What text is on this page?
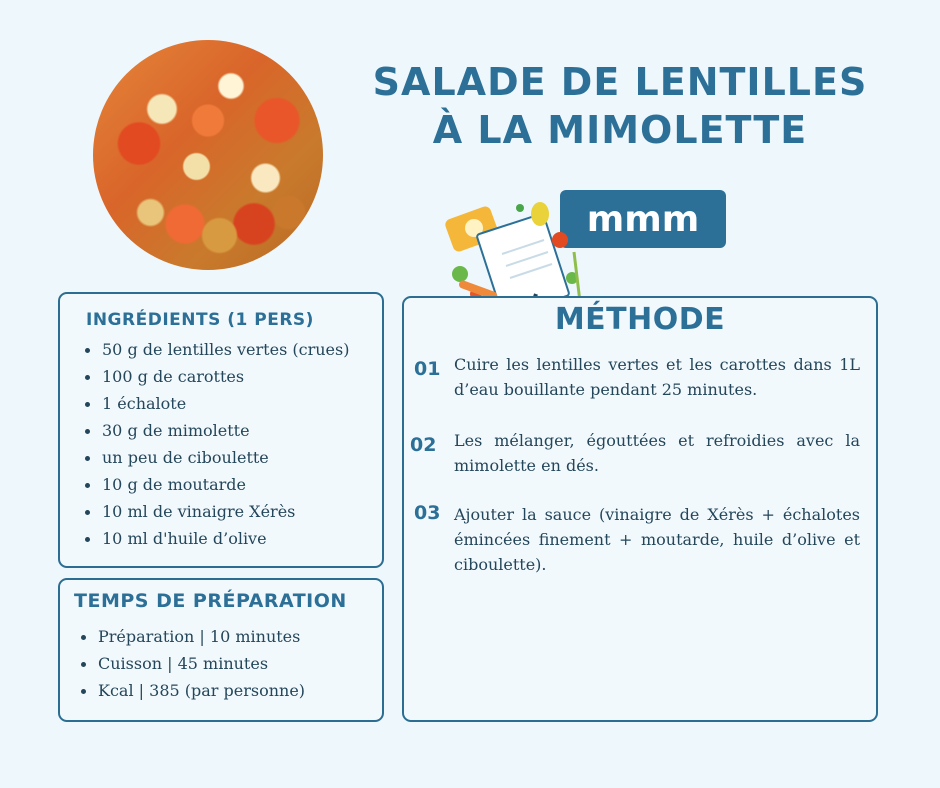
SALADE DE LENTILLES
À LA MIMOLETTE
mmm
INGRÉDIENTS (1 PERS)
50 g de lentilles vertes (crues)
100 g de carottes
1 échalote
30 g de mimolette
un peu de ciboulette
10 g de moutarde
10 ml de vinaigre Xérès
10 ml d'huile d’olive
TEMPS DE PRÉPARATION
Préparation | 10 minutes
Cuisson | 45 minutes
Kcal | 385 (par personne)
MÉTHODE
01 Cuire les lentilles vertes et les carottes dans 1L d’eau bouillante pendant 25 minutes.

02 Les mélanger, égouttées et refroidies avec la mimolette en dés.

03 Ajouter la sauce (vinaigre de Xérès + échalotes émincées finement + moutarde, huile d’olive et ciboulette).
